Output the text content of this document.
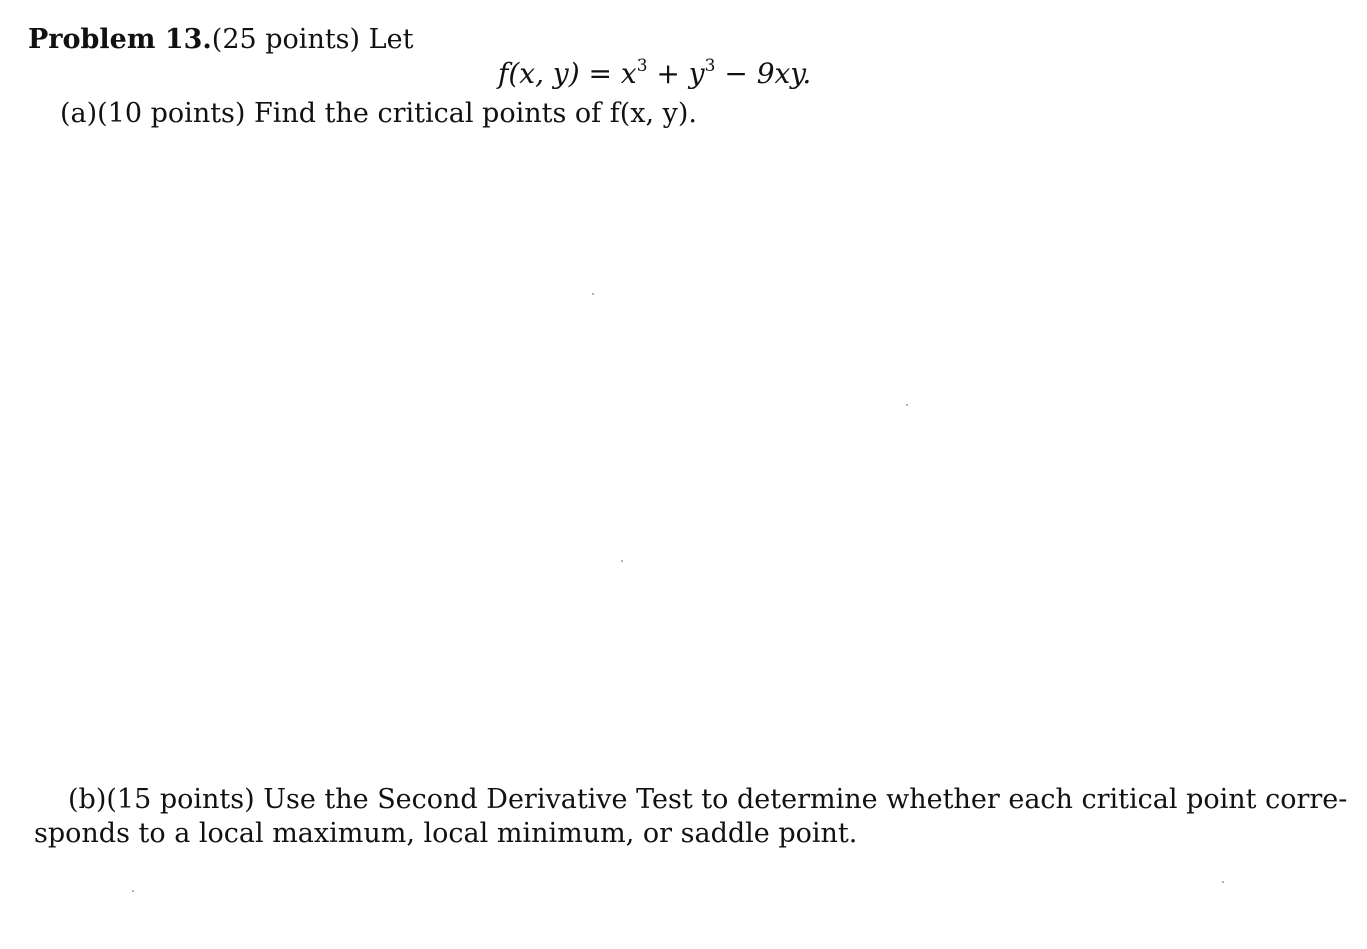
Problem 13.(25 points) Let
f(x, $y) = x^3 + y^3 - 9xy$.
(a)(10 points) Find the critical points of f(x, y).
(b)(15 points) Use the Second Derivative Test to determine whether each critical point corre-
sponds to a local maximum, local minimum, or saddle point.
